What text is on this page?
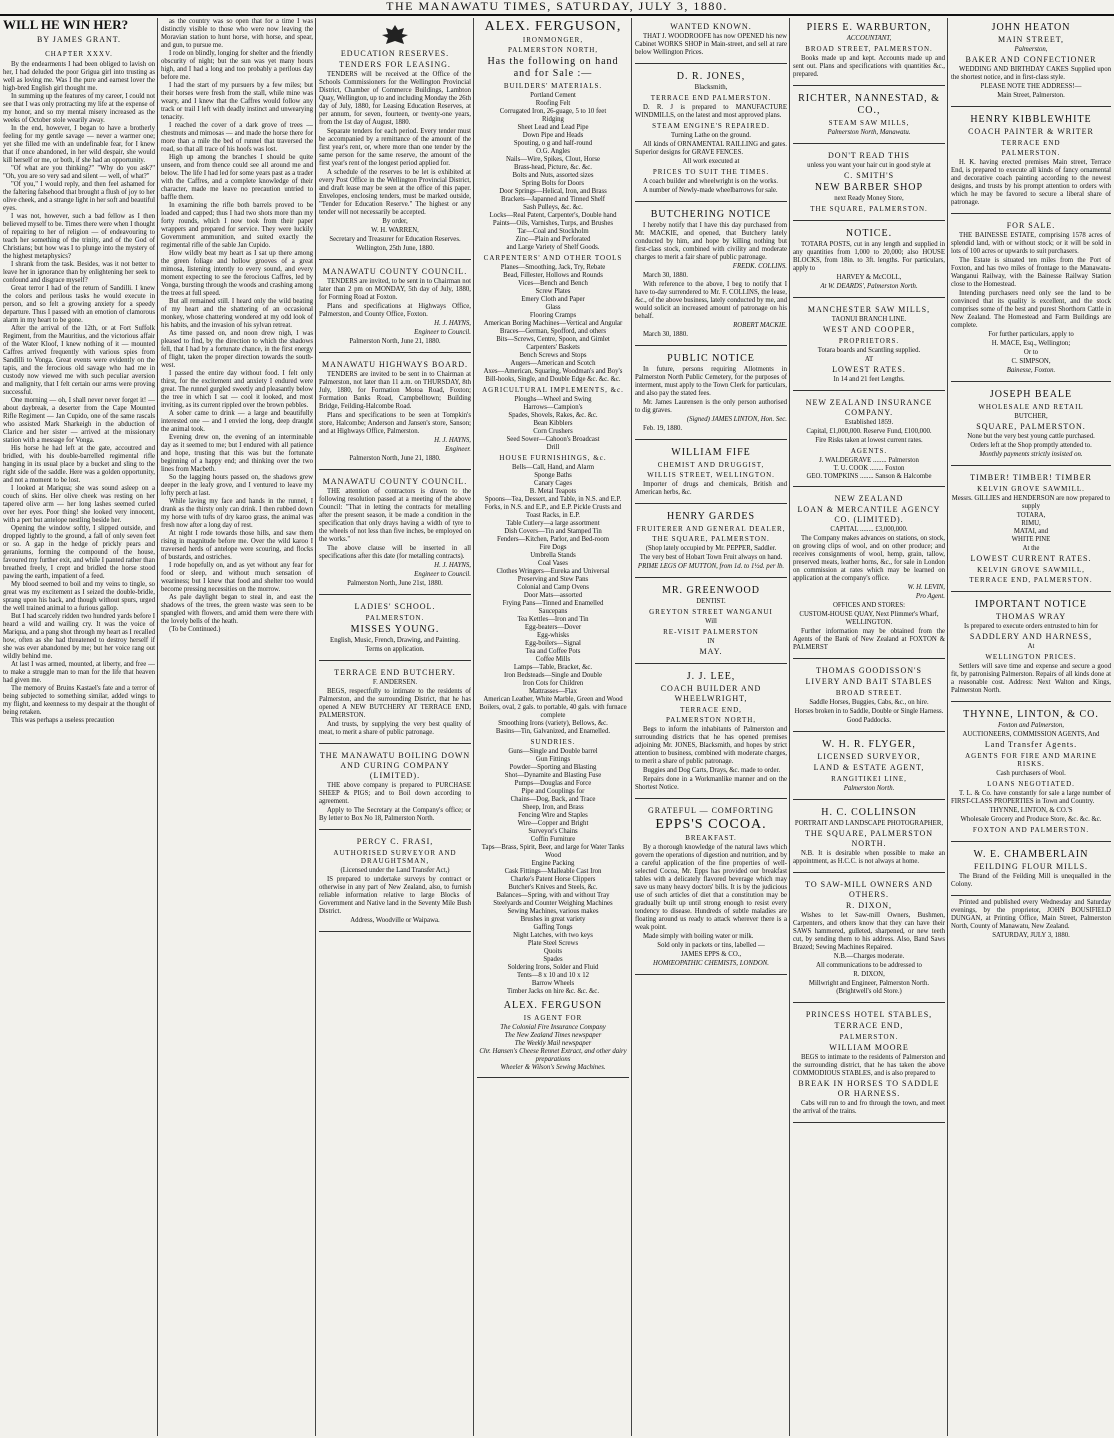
THE MANAWATU TIMES, SATURDAY, JULY 3, 1880.
WILL HE WIN HER?
BY JAMES GRANT.
CHAPTER XXXV.

By the endearments I had been obliged to lavish on her, I had deluded the poor Grigua girl into trusting as well as loving me. Was I the pure and earnest lover the high-bred English girl thought me.

In summing up the features of my career, I could not see that I was only protracting my life at the expense of my honor, and so my mental misery increased as the weeks of October stole wearily away.

In the end, however, I began to have a brotherly feeling for my gentle savage — never a warmer one; yet she filled me with an undefinable fear, for I knew that if once abandoned, in her wild despair, she would kill herself or me, or both, if she had an opportunity.

"Of what are you thinking?" "Why do you ask?" "Oh, you are so very sad and silent — well, of what?"

"Of you," I would reply, and then feel ashamed for the faltering falsehood that brought a flush of joy to her olive cheek, and a strange light in her soft and beautiful eyes.

I was not, however, such a bad fellow as I then believed myself to be. Times there were when I thought of repairing to her of religion — of endeavouring to teach her something of the trinity, and of the God of Christians; but how was I to plunge into the mystery of the highest metaphysics?

I shrank from the task. Besides, was it not better to leave her in ignorance than by enlightening her seek to confound and disgrace myself?

Great terror I had of the return of Sandilli. I knew the colors and perilous tasks he would execute in person, and so felt a growing anxiety for a speedy departure. Thus I passed with an emotion of clamorous alarm in my heart to be gone.

After the arrival of the 12th, or at Fort Suffolk Regiment, from the Mauritius, and the victorious affair of the Water Kloof, I knew nothing of it — mounted Caffres arrived frequently with various spies from Sandilli to Vonga. Great events were evidently on the tapis, and the ferocious old savage who had me in custody now viewed me with such peculiar aversion and malignity, that I felt certain our arms were proving successful.

One morning — oh, I shall never never forget it! — about daybreak, a deserter from the Cape Mounted Rifle Regiment — Jan Cupido, one of the same rascals who assisted Mark Sharkeigh in the abduction of Clarice and her sister — arrived at the missionary station with a message for Vonga.

His horse he had left at the gate, accoutred and bridled, with his double-barrelled regimental rifle hanging in its usual place by a bucket and sling to the right side of the saddle. Here was a golden opportunity, and not a moment to be lost.

I looked at Mariqua; she was sound asleep on a couch of skins. Her olive cheek was resting on her tapered olive arm — her long lashes seemed curled over her eyes. Poor thing! she looked very innocent, with a pert but antelope nestling beside her.

Opening the window softly, I slipped outside, and dropped lightly to the ground, a fall of only seven feet or so. A gap in the hedge of prickly pears and geraniums, forming the compound of the house, favoured my further exit, and while I panted rather than breathed freely, I crept and bridled the horse stood pawing the earth, impatient of a feed.

My blood seemed to boil and my veins to tingle, so great was my excitement as I seized the double-bridle, sprang upon his back, and though without spurs, urged the well trained animal to a furious gallop.

But I had scarcely ridden two hundred yards before I heard a wild and wailing cry. It was the voice of Mariqua, and a pang shot through my heart as I recalled how, often as she had threatened to destroy herself if she was ever abandoned by me; but her voice rang out wildly behind me.

At last I was armed, mounted, at liberty, and free — to make a struggle man to man for the life that heaven had given me.

The memory of Bruins Kastael's fate and a terror of being subjected to something similar, added wings to my flight, and keenness to my despair at the thought of being retaken.

This was perhaps a useless precaution

as the country was so open that for a time I was distinctly visible to those who were now leaving the Moravian station to hunt horse, with horse, and spear, and gun, to pursue me.

I rode on blindly, longing for shelter and the friendly obscurity of night; but the sun was yet many hours high, and I had a long and too probably a perilous day before me.

I had the start of my pursuers by a few miles; but their horses were fresh from the stall, while mine was weary, and I knew that the Caffres would follow any track or trail I left with deadly instinct and unwearying tenacity.

I reached the cover of a dark grove of trees — chestnuts and mimosas — and made the horse there for more than a mile the bed of runnel that traversed the road, so that all trace of his hoofs was lost.

High up among the branches I should be quite unseen, and from thence could see all around me and below. The life I had led for some years past as a trader with the Caffres, and a complete knowledge of their character, made me leave no precaution untried to baffle them.

In examining the rifle both barrels proved to be loaded and capped; thus I had two shots more than my forty rounds, which I now took from their paper wrappers and prepared for service. They were luckily Government ammunition, and suited exactly the regimental rifle of the sable Jan Cupido.

How wildly beat my heart as I sat up there among the green foliage and hollow grooves of a great mimosa, listening intently to every sound, and every moment expecting to see the ferocious Caffres, led by Vonga, bursting through the woods and crashing among the trees at full speed.

But all remained still. I heard only the wild beating of my heart and the shattering of an occasional monkey, whose chattering wondered at my odd look of his habits, and the invasion of his sylvan retreat.

As time passed on, and noon drew nigh, I was pleased to find, by the direction to which the shadows fell, that I had by a fortunate chance, in the first energy of flight, taken the proper direction towards the south-west.

I passed the entire day without food. I felt only thirst, for the excitement and anxiety I endured were great. The runnel gurgled sweetly and pleasantly below the tree in which I sat — cool it looked, and most inviting, as its current rippled over the brown pebbles.

A sober came to drink — a large and beautifully interested one — and I envied the long, deep draught the animal took.

Evening drew on, the evening of an interminable day as it seemed to me; but I endured with all patience and hope, trusting that this was but the fortunate beginning of a happy end; and thinking over the two lines from Macbeth.

So the lagging hours passed on, the shadows grew deeper in the leafy grove, and I ventured to leave my lofty perch at last.

While laving my face and hands in the runnel, I drank as the thirsty only can drink. I then rubbed down my horse with tufts of dry karoo grass, the animal was fresh now after a long day of rest.

At night I rode towards those hills, and saw them rising in magnitude before me. Over the wild karoo I traversed herds of antelope were scouring, and flocks of bustards, and ostriches.

I rode hopefully on, and as yet without any fear for food or sleep, and without much sensation of weariness; but I knew that food and shelter too would become pressing necessities on the morrow.

As pale daylight began to steal in, and east the shadows of the trees, the green waste was seen to be spangled with flowers, and amid them were there with the lovely bells of the heath.

(To be Continued.)

EDUCATION RESERVES.
TENDERS FOR LEASING.

TENDERS will be received at the Office of the Schools Commissioners for the Wellington Provincial District, Chamber of Commerce Buildings, Lambton Quay, Wellington, up to and including Monday the 26th day of July, 1880, for Leasing Education Reserves, at per annum, for seven, fourteen, or twenty-one years, from the 1st day of August, 1880.

Separate tenders for each period. Every tender must be accompanied by a remittance of the amount of the first year's rent, or, where more than one tender by the same person for the same reserve, the amount of the first year's rent of the longest period applied for.

A schedule of the reserves to be let is exhibited at every Post Office in the Wellington Provincial District, and draft lease may be seen at the office of this paper. Envelopes, enclosing tenders, must be marked outside, "Tender for Education Reserve." The highest or any tender will not necessarily be accepted.

By order,
W. H. WARREN,
Secretary and Treasurer for Education Reserves.
Wellington, 25th June, 1880.
MANAWATU COUNTY COUNCIL.

TENDERS are invited, to be sent in to Chairman not later than 2 pm on MONDAY, 5th day of July, 1880, for Forming Road at Foxton.

Plans and specifications at Highways Office, Palmerston, and County Office, Foxton.

H. J. HAYNS,
Engineer to Council.
Palmerston North, June 21, 1880.
MANAWATU HIGHWAYS BOARD.

TENDERS are invited to be sent in to Chairman at Palmerston, not later than 11 a.m. on THURSDAY, 8th July, 1880, for Formation Motoa Road, Foxton; Formation Banks Road, Campbelltown; Building Bridge, Feilding-Halcombe Road.

Plans and specifications to be seen at Tompkin's store, Halcombe; Anderson and Jansen's store, Sanson; and at Highways Office, Palmerston.

H. J. HAYNS,
Engineer.
Palmerston North, June 21, 1880.
MANAWATU COUNTY COUNCIL.

THE attention of contractors is drawn to the following resolution passed at a meeting of the above Council: "That in letting the contracts for metalling after the present season, it be made a condition in the specification that only drays having a width of tyre to the wheels of not less than five inches, be employed on the works."

The above clause will be inserted in all specifications after this date (for metalling contracts).

H. J. HAYNS,
Engineer to Council.
Palmerston North, June 21st, 1880.
LADIES' SCHOOL.
PALMERSTON.
MISSES YOUNG.
English, Music, French, Drawing, and Painting.
Terms on application.
TERRACE END BUTCHERY.
F. ANDERSEN.

BEGS, respectfully to intimate to the residents of Palmerston, and the surrounding District, that he has opened A NEW BUTCHERY AT TERRACE END, PALMERSTON.

And trusts, by supplying the very best quality of meat, to merit a share of public patronage.

THE MANAWATU BOILING DOWN AND CURING COMPANY (LIMITED).

THE above company is prepared to PURCHASE SHEEP & PIGS; and to Boil down according to agreement.

Apply to The Secretary at the Company's office; or By letter to Box No 18, Palmerston North.

PERCY C. FRASI,
AUTHORISED SURVEYOR AND DRAUGHTSMAN,
(Licensed under the Land Transfer Act,)

IS prepared to undertake surveys by contract or otherwise in any part of New Zealand, also, to furnish reliable information relative to large Blocks of Government and Native land in the Seventy Mile Bush District.

Address, Woodville or Waipawa.
ALEX. FERGUSON,
IRONMONGER,
PALMERSTON NORTH,
Has the following on hand and for Sale :—
BUILDERS' MATERIALS.
Portland Cement
Roofing Felt
Corrugated Iron, 26-guage, 5 to 10 feet
Ridging
Sheet Lead and Lead Pipe
Down Pipe and Heads
Spouting, o g and half-round
O.G. Angles
Nails—Wire, Spikes, Clout, Horse
Brass-head, Picture, &c. &c.
Bolts and Nuts, assorted sizes
Spring Bolts for Doors
Door Springs—Helical, Iron, and Brass
Brackets—Japanned and Tinned Shelf
Sash Pulleys, &c. &c.
Locks—Real Patent, Carpenter's, Double hand
Paints—Oils, Varnishes, Turps, and Brushes
Tar—Coal and Stockholm
Zinc—Plain and Perforated
and Large Variety of Shelf Goods.
CARPENTERS' AND OTHER TOOLS
Planes—Smoothing, Jack, Try, Rebate
Bead, Fillester, Hollows and Rounds
Vices—Bench and Bench
Screw Plates
Emery Cloth and Paper
Glass
Flooring Cramps
American Boring Machines—Vertical and Angular
Braces—German, Spofford, and others
Bits—Screws, Centre, Spoon, and Gimlet
Carpenters' Baskets
Bench Screws and Stops
Augers—American and Scotch
Axes—American, Squaring, Woodman's and Boy's
Bill-hooks, Single, and Double Edge &c. &c. &c.
AGRICULTURAL IMPLEMENTS, &c.
Ploughs—Wheel and Swing
Harrows—Campion's
Spades, Shovels, Rakes, &c. &c.
Bean Kibblers
Corn Crushers
Seed Sower—Cahoon's Broadcast
Drill
HOUSE FURNISHINGS, &c.
Bells—Call, Hand, and Alarm
Sponge Baths
Canary Cages
B. Metal Teapots
Spoons—Tea, Dessert, and Table, in N.S. and E.P.
Forks, in N.S. and E.P., and E.P. Pickle Crusts and Toast Racks, in E.P.
Table Cutlery—a large assortment
Dish Covers—Tin and Stamped Tin
Fenders—Kitchen, Parlor, and Bed-room
Fire Dogs
Umbrella Stands
Coal Vases
Clothes Wringers—Eureka and Universal
Preserving and Stew Pans
Colonial and Camp Ovens
Door Mats—assorted
Frying Pans—Tinned and Enamelled
Saucepans
Tea Kettles—Iron and Tin
Egg-beaters—Dover
Egg-whisks
Egg-boilers—Signal
Tea and Coffee Pots
Coffee Mills
Lamps—Table, Bracket, &c.
Iron Bedsteads—Single and Double
Iron Cots for Children
Mattrasses—Flax
American Leather, White Marble, Green and Wood
Boilers, oval, 2 gals. to portable, 40 gals. with furnace complete
Smoothing Irons (variety), Bellows, &c.
Basins—Tin, Galvanized, and Enamelled.
SUNDRIES.
Guns—Single and Double barrel
Gun Fittings
Powder—Sporting and Blasting
Shot—Dynamite and Blasting Fuse
Pumps—Douglas and Force
Pipe and Couplings for
Chains—Dog, Back, and Trace
Sheep, Iron, and Brass
Fencing Wire and Staples
Wire—Copper and Bright
Surveyor's Chains
Coffin Furniture
Taps—Brass, Spirit, Beer, and large for Water Tanks
Wood
Engine Packing
Cask Fittings—Malleable Cast Iron
Charke's Patent Horse Clippers
Butcher's Knives and Steels, &c.
Balances—Spring, with and without Tray
Steelyards and Counter Weighing Machines
Sewing Machines, various makes
Brushes in great variety
Gaffing Tongs
Night Latches, with two keys
Plate Steel Screws
Quoits
Spades
Soldering Irons, Solder and Fluid
Tents—8 x 10 and 10 x 12
Barrow Wheels
Timber Jacks on hire &c. &c. &c.
ALEX. FERGUSON
IS AGENT FOR
The Colonial Fire Insurance Company
The New Zealand Times newspaper
The Weekly Mail newspaper
Chr. Hansen's Cheese Rennet Extract, and other dairy preparations
Wheeler & Wilson's Sewing Machines.
WANTED KNOWN.

THAT J. WOODROOFE has now OPENED his new Cabinet WORKS SHOP in Main-street, and sell at rare below Wellington Prices.

D. R. JONES,
Blacksmith,
TERRACE END PALMERSTON.

D. R. J is prepared to MANUFACTURE WINDMILLS, on the latest and most approved plans.

STEAM ENGINE'S REPAIRED.
Turning Lathe on the ground.

All kinds of ORNAMENTAL RAILLING and gates. Superior designs for GRAVE FENCES.

All work executed at
PRICES TO SUIT THE TIMES.

A coach builder and wheelwright is on the works.

A number of Newly-made wheelbarrows for sale.

BUTCHERING NOTICE

I hereby notify that I have this day purchased from Mr. MACKIE, and opened, that Butchery lately conducted by him, and hope by killing nothing but first-class stock, combined with civility and moderate charges to merit a fair share of public patronage.

FREDK. COLLINS.
March 30, 1880.

With reference to the above, I beg to notify that I have to-day surrendered to Mr. F. COLLINS, the lease, &c., of the above business, lately conducted by me, and would solicit an increased amount of patronage on his behalf.

ROBERT MACKIE.
March 30, 1880.
PUBLIC NOTICE

In future, persons requiring Allotments in Palmerston North Public Cemetery, for the purposes of interment, must apply to the Town Clerk for particulars, and also pay the stated fees.

Mr. James Laurensen is the only person authorised to dig graves.

(Signed) JAMES LINTON, Hon. Sec.
Feb. 19, 1880.
WILLIAM FIFE
CHEMIST AND DRUGGIST,
WILLIS STREET, WELLINGTON.

Importer of drugs and chemicals, British and American herbs, &c.

HENRY GARDES
FRUITERER AND GENERAL DEALER,
THE SQUARE, PALMERSTON.
(Shop lately occupied by Mr. PEPPER, Saddler.
The very best of Hobart Town Fruit always on hand.
PRIME LEGS OF MUTTON, from 1d. to 1½d. per lb.
MR. GREENWOOD
DENTIST.
GREYTON STREET WANGANUI
Will
RE-VISIT PALMERSTON
IN
MAY.
J. J. LEE,
COACH BUILDER AND WHEELWRIGHT,
TERRACE END,
PALMERSTON NORTH,

Begs to inform the inhabitants of Palmerston and surrounding districts that he has opened premises adjoining Mr. JONES, Blacksmith, and hopes by strict attention to business, combined with moderate charges, to merit a share of public patronage.

Buggies and Dog Carts, Drays, &c. made to order.

Repairs done in a Workmanlike manner and on the Shortest Notice.

GRATEFUL — COMFORTING
EPPS'S COCOA.
BREAKFAST.

By a thorough knowledge of the natural laws which govern the operations of digestion and nutrition, and by a careful application of the fine properties of well-selected Cocoa, Mr. Epps has provided our breakfast tables with a delicately flavored beverage which may save us many heavy doctors' bills. It is by the judicious use of such articles of diet that a constitution may be gradually built up until strong enough to resist every tendency to disease. Hundreds of subtle maladies are floating around us ready to attack wherever there is a weak point.

Made simply with boiling water or milk.

Sold only in packets or tins, labelled —
JAMES EPPS & CO.,
HOMŒOPATHIC CHEMISTS, LONDON.
PIERS E. WARBURTON,
ACCOUNTANT,
BROAD STREET, PALMERSTON.

Books made up and kept. Accounts made up and sent out. Plans and specifications with quantities &c., prepared.

RICHTER, NANNESTAD, & CO.,
STEAM SAW MILLS,
Palmerston North, Manawatu.
DON'T READ THIS
unless you want your hair cut in good style at
C. SMITH'S
NEW BARBER SHOP
next Ready Money Store,
THE SQUARE, PALMERSTON.
NOTICE.

TOTARA POSTS, cut in any length and supplied in any quantities from 1,000 to 20,000; also HOUSE BLOCKS, from 18in. to 3ft. lengths. For particulars, apply to

HARVEY & McCOLL,
At W. DEARDS', Palmerston North.
MANCHESTER SAW MILLS,
TAONUI BRANCH LINE.
WEST AND COOPER,
PROPRIETORS.
Totara boards and Scantling supplied.
AT
LOWEST RATES.
In 14 and 21 feet Lengths.
NEW ZEALAND INSURANCE COMPANY.
Established 1859.
Capital, £1,000,000. Reserve Fund, £100,000.
Fire Risks taken at lowest current rates.
AGENTS.
J. WALDEGRAVE ........ Palmerston
T. U. COOK ........ Foxton
GEO. TOMPKINS ........ Sanson & Halcombe
NEW ZEALAND
LOAN & MERCANTILE AGENCY CO. (LIMITED).
CAPITAL ........ £3,000,000.

The Company makes advances on stations, on stock, on growing clips of wool, and on other produce; and receives consignments of wool, hemp, grain, tallow, preserved meats, leather horns, &c., for sale in London on commission at rates which may be learned on application at the company's office.

W. H. LEVIN,
Pro Agent.
OFFICES AND STORES:
CUSTOM-HOUSE QUAY, Next Plimmer's Wharf, WELLINGTON.

Further information may be obtained from the Agents of the Bank of New Zealand at FOXTON & PALMERST

THOMAS GOODISSON'S
LIVERY AND BAIT STABLES
BROAD STREET.
Saddle Horses, Buggies, Cabs, &c., on hire.
Horses broken in to Saddle, Double or Single Harness.
Good Paddocks.
W. H. R. FLYGER,
LICENSED SURVEYOR,
LAND & ESTATE AGENT,
RANGITIKEI LINE,
Palmerston North.
H. C. COLLINSON
PORTRAIT AND LANDSCAPE PHOTOGRAPHER,
THE SQUARE, PALMERSTON NORTH.

N.B. It is desirable when possible to make an appointment, as H.C.C. is not always at home.

TO SAW-MILL OWNERS AND OTHERS.
R. DIXON,

Wishes to let Saw-mill Owners, Bushmen, Carpenters, and others know that they can have their SAWS hammered, gulleted, sharpened, or new teeth cut, by sending them to his address. Also, Band Saws Brazed; Sewing Machines Repaired.

N.B.—Charges moderate.
All communications to be addressed to
R. DIXON,
Millwright and Engineer, Palmerston North. (Brightwell's old Store.)
PRINCESS HOTEL STABLES,
TERRACE END,
PALMERSTON.
WILLIAM MOORE

BEGS to intimate to the residents of Palmerston and the surrounding district, that he has taken the above COMMODIOUS STABLES, and is also prepared to

BREAK IN HORSES TO SADDLE OR HARNESS.

Cabs will run to and fro through the town, and meet the arrival of the trains.

JOHN HEATON
MAIN STREET,
Palmerston,
BAKER AND CONFECTIONER

WEDDING AND BIRTHDAY CAKES Supplied upon the shortest notice, and in first-class style.

PLEASE NOTE THE ADDRESS!—
Main Street, Palmerston.
HENRY KIBBLEWHITE
COACH PAINTER & WRITER
TERRACE END
PALMERSTON.

H. K. having erected premises Main street, Terrace End, is prepared to execute all kinds of fancy ornamental and decorative coach painting according to the newest designs, and trusts by his prompt attention to orders with which he may be favored to secure a liberal share of patronage.

FOR SALE.

THE BAINESSE ESTATE, comprising 1578 acres of splendid land, with or without stock; or it will be sold in lots of 100 acres or upwards to suit purchasers.

The Estate is situated ten miles from the Port of Foxton, and has two miles of frontage to the Manawatu-Wanganui Railway, with the Bainesse Railway Station close to the Homestead.

Intending purchasers need only see the land to be convinced that its quality is excellent, and the stock comprises some of the best and purest Shorthorn Cattle in New Zealand. The Homestead and Farm Buildings are complete.

For further particulars, apply to
H. MACE, Esq., Wellington;
Or to
C. SIMPSON,
Bainesse, Foxton.
JOSEPH BEALE
WHOLESALE AND RETAIL
BUTCHER,
SQUARE, PALMERSTON.
None but the very best young cattle purchased.
Orders left at the Shop promptly attended to.
Monthly payments strictly insisted on.
TIMBER! TIMBER! TIMBER
KELVIN GROVE SAWMILL.
Messrs. GILLIES and HENDERSON are now prepared to supply
TOTARA,
RIMU,
MATAI, and
WHITE PINE
At the
LOWEST CURRENT RATES.
KELVIN GROVE SAWMILL,
TERRACE END, PALMERSTON.
IMPORTANT NOTICE
THOMAS WRAY
Is prepared to execute orders entrusted to him for
SADDLERY AND HARNESS,
At
WELLINGTON PRICES.

Settlers will save time and expense and secure a good fit, by patronising Palmerston. Repairs of all kinds done at a reasonable cost. Address: Next Walton and Kings, Palmerston North.

THYNNE, LINTON, & CO.
Foxton and Palmerston,
AUCTIONEERS, COMMISSION AGENTS, And
Land Transfer Agents.
AGENTS FOR FIRE AND MARINE RISKS.
Cash purchasers of Wool.
LOANS NEGOTIATED.

T. L. & Co. have constantly for sale a large number of FIRST-CLASS PROPERTIES in Town and Country.

THYNNE, LINTON, & CO.'S
Wholesale Grocery and Produce Store, &c. &c. &c.
FOXTON AND PALMERSTON.
W. E. CHAMBERLAIN
FEILDING FLOUR MILLS.

The Brand of the Feilding Mill is unequalled in the Colony.

Printed and published every Wednesday and Saturday evenings, by the proprietor, JOHN BOUSIFIELD DUNGAN, at Printing Office, Main Street, Palmerston North, County of Manawatu, New Zealand.

SATURDAY, JULY 3, 1880.
